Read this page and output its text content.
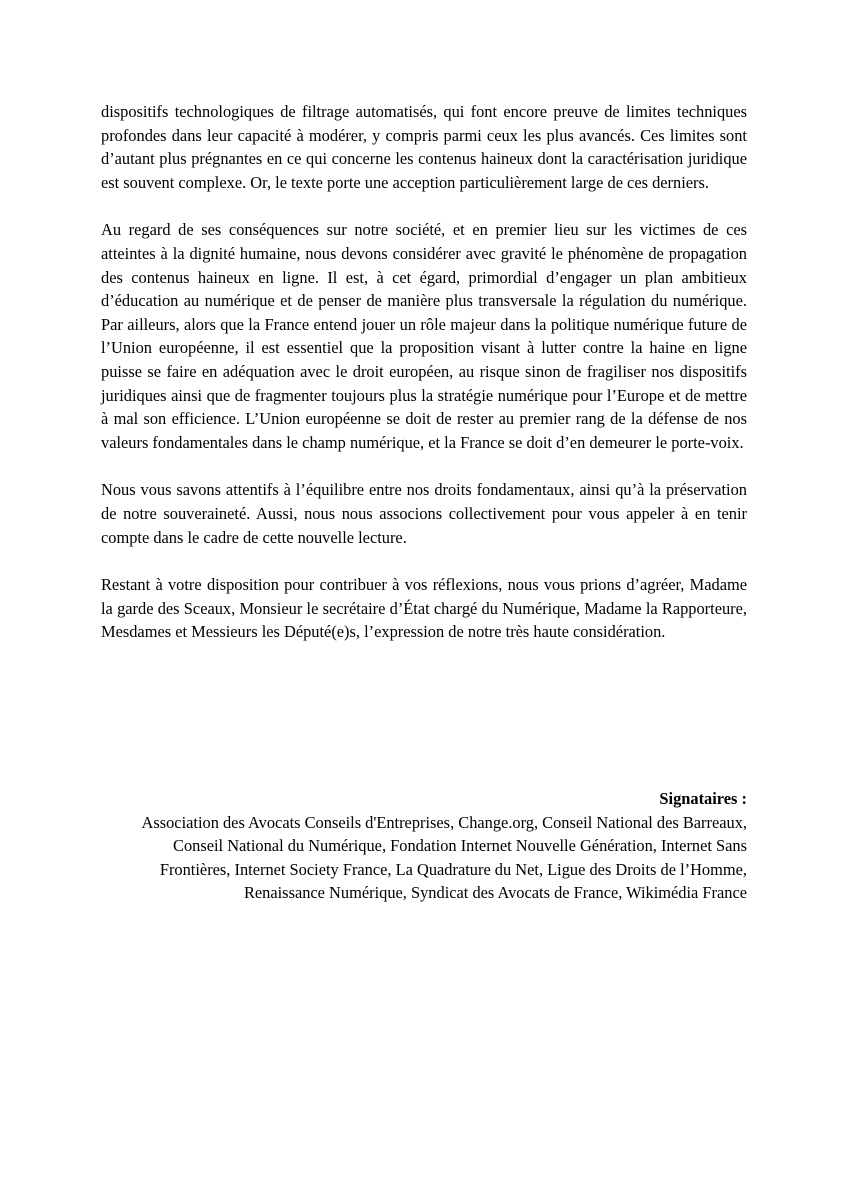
dispositifs technologiques de filtrage automatisés, qui font encore preuve de limites techniques profondes dans leur capacité à modérer, y compris parmi ceux les plus avancés. Ces limites sont d’autant plus prégnantes en ce qui concerne les contenus haineux dont la caractérisation juridique est souvent complexe. Or, le texte porte une acception particulièrement large de ces derniers.

Au regard de ses conséquences sur notre société, et en premier lieu sur les victimes de ces atteintes à la dignité humaine, nous devons considérer avec gravité le phénomène de propagation des contenus haineux en ligne. Il est, à cet égard, primordial d’engager un plan ambitieux d’éducation au numérique et de penser de manière plus transversale la régulation du numérique. Par ailleurs, alors que la France entend jouer un rôle majeur dans la politique numérique future de l’Union européenne, il est essentiel que la proposition visant à lutter contre la haine en ligne puisse se faire en adéquation avec le droit européen, au risque sinon de fragiliser nos dispositifs juridiques ainsi que de fragmenter toujours plus la stratégie numérique pour l’Europe et de mettre à mal son efficience. L’Union européenne se doit de rester au premier rang de la défense de nos valeurs fondamentales dans le champ numérique, et la France se doit d’en demeurer le porte-voix.

Nous vous savons attentifs à l’équilibre entre nos droits fondamentaux, ainsi qu’à la préservation de notre souveraineté. Aussi, nous nous associons collectivement pour vous appeler à en tenir compte dans le cadre de cette nouvelle lecture.

Restant à votre disposition pour contribuer à vos réflexions, nous vous prions d’agréer, Madame la garde des Sceaux, Monsieur le secrétaire d’État chargé du Numérique, Madame la Rapporteure, Mesdames et Messieurs les Député(e)s, l’expression de notre très haute considération.

Signataires :

Association des Avocats Conseils d'Entreprises, Change.org, Conseil National des Barreaux, Conseil National du Numérique, Fondation Internet Nouvelle Génération, Internet Sans Frontières, Internet Society France, La Quadrature du Net, Ligue des Droits de l’Homme, Renaissance Numérique, Syndicat des Avocats de France, Wikimédia France
